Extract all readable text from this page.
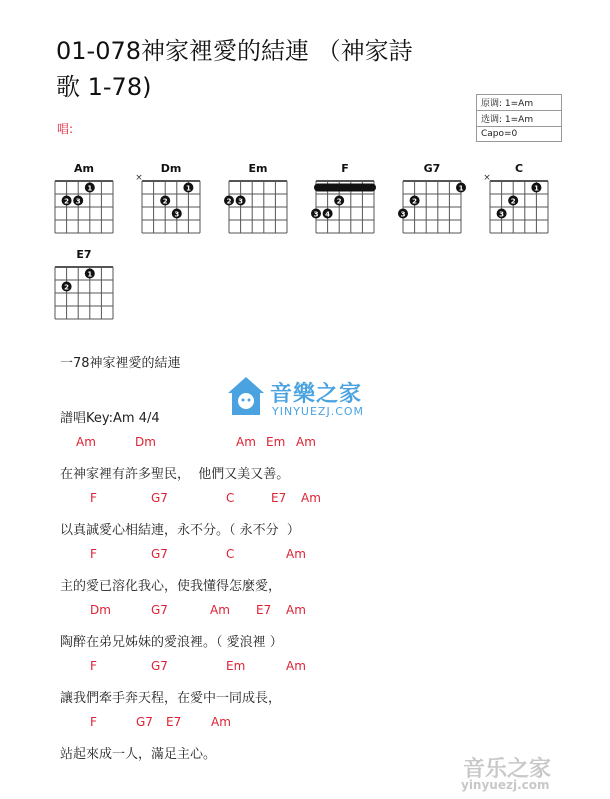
01-078神家裡愛的結連 （神家詩歌 1-78)
唱:
原调: 1=Am
选调: 1=Am
Capo=0
Am
1
2 3
Dm
×
1
2
3
Em
2 3
F
2
3 4
G7
1
2
3
C
×
1
2
3
E7
1
2
一78神家裡愛的結連
音樂之家
YINYUEZJ.COM
譜唱Key:Am 4/4
Am	Dm	Am Em Am
在神家裡有許多聖民，  他們又美又善。
F	G7	C	E7 Am
以真誠愛心相結連，永不分。（ 永不分  ）
F	G7	C	Am
主的愛已溶化我心，使我懂得怎麼愛，
Dm	G7	Am E7 Am
陶醉在弟兄姊妹的愛浪裡。（ 愛浪裡 ）
F	G7	Em	Am
讓我們牽手奔天程，在愛中一同成長，
F	G7 E7 Am
站起來成一人，滿足主心。
音乐之家
yinyuezj.com
